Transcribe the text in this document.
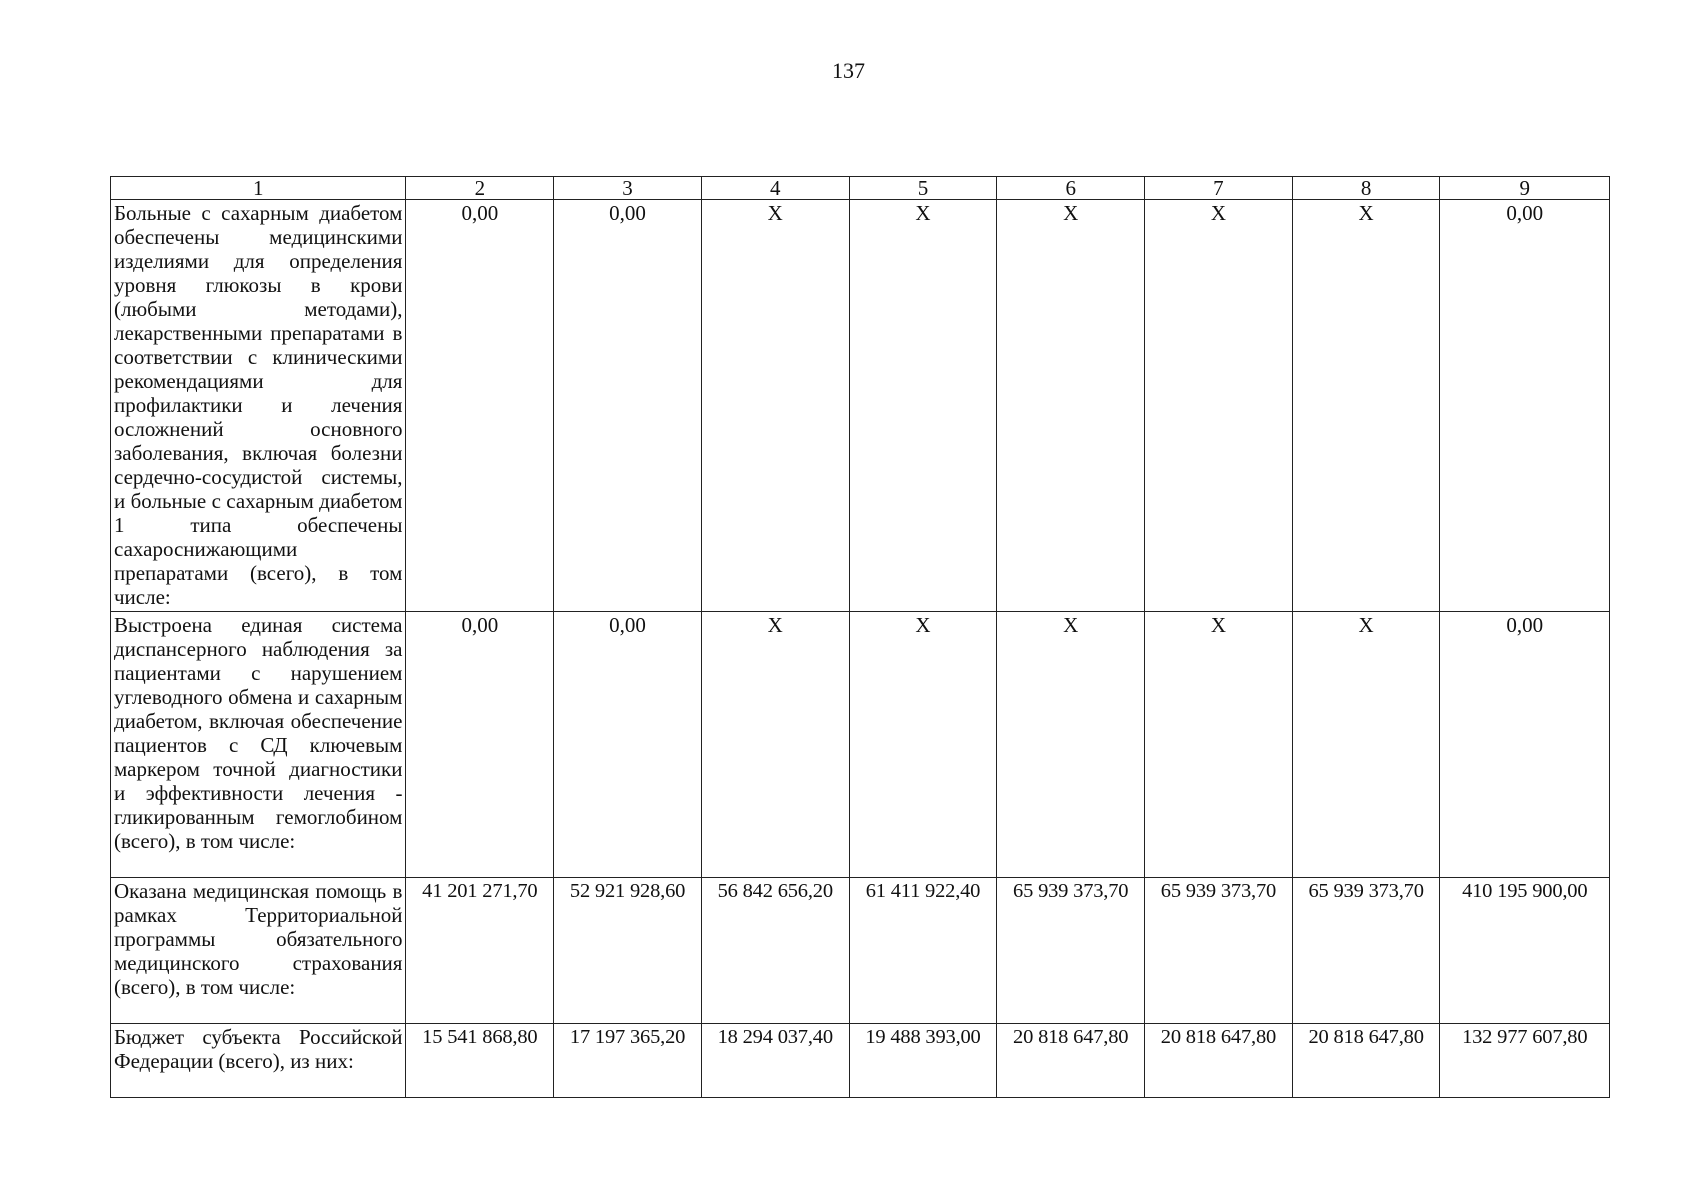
137
1	2	3	4	5	6	7	8	9
Больные с сахарным диабетом обеспечены медицинскими изделиями для определения уровня глюкозы в крови (любыми методами), лекарственными препаратами в соответствии с клиническими рекомендациями для профилактики и лечения осложнений основного заболевания, включая болезни сердечно-сосудистой системы, и больные с сахарным диабетом 1 типа обеспечены сахароснижающими препаратами (всего), в том числе:	0,00	0,00	X	X	X	X	X	0,00
Выстроена единая система диспансерного наблюдения за пациентами с нарушением углеводного обмена и сахарным диабетом, включая обеспечение пациентов с СД ключевым маркером точной диагностики и эффективности лечения - гликированным гемоглобином (всего), в том числе:	0,00	0,00	X	X	X	X	X	0,00
Оказана медицинская помощь в рамках Территориальной программы обязательного медицинского страхования (всего), в том числе:	41 201 271,70	52 921 928,60	56 842 656,20	61 411 922,40	65 939 373,70	65 939 373,70	65 939 373,70	410 195 900,00
Бюджет субъекта Российской Федерации (всего), из них:	15 541 868,80	17 197 365,20	18 294 037,40	19 488 393,00	20 818 647,80	20 818 647,80	20 818 647,80	132 977 607,80
